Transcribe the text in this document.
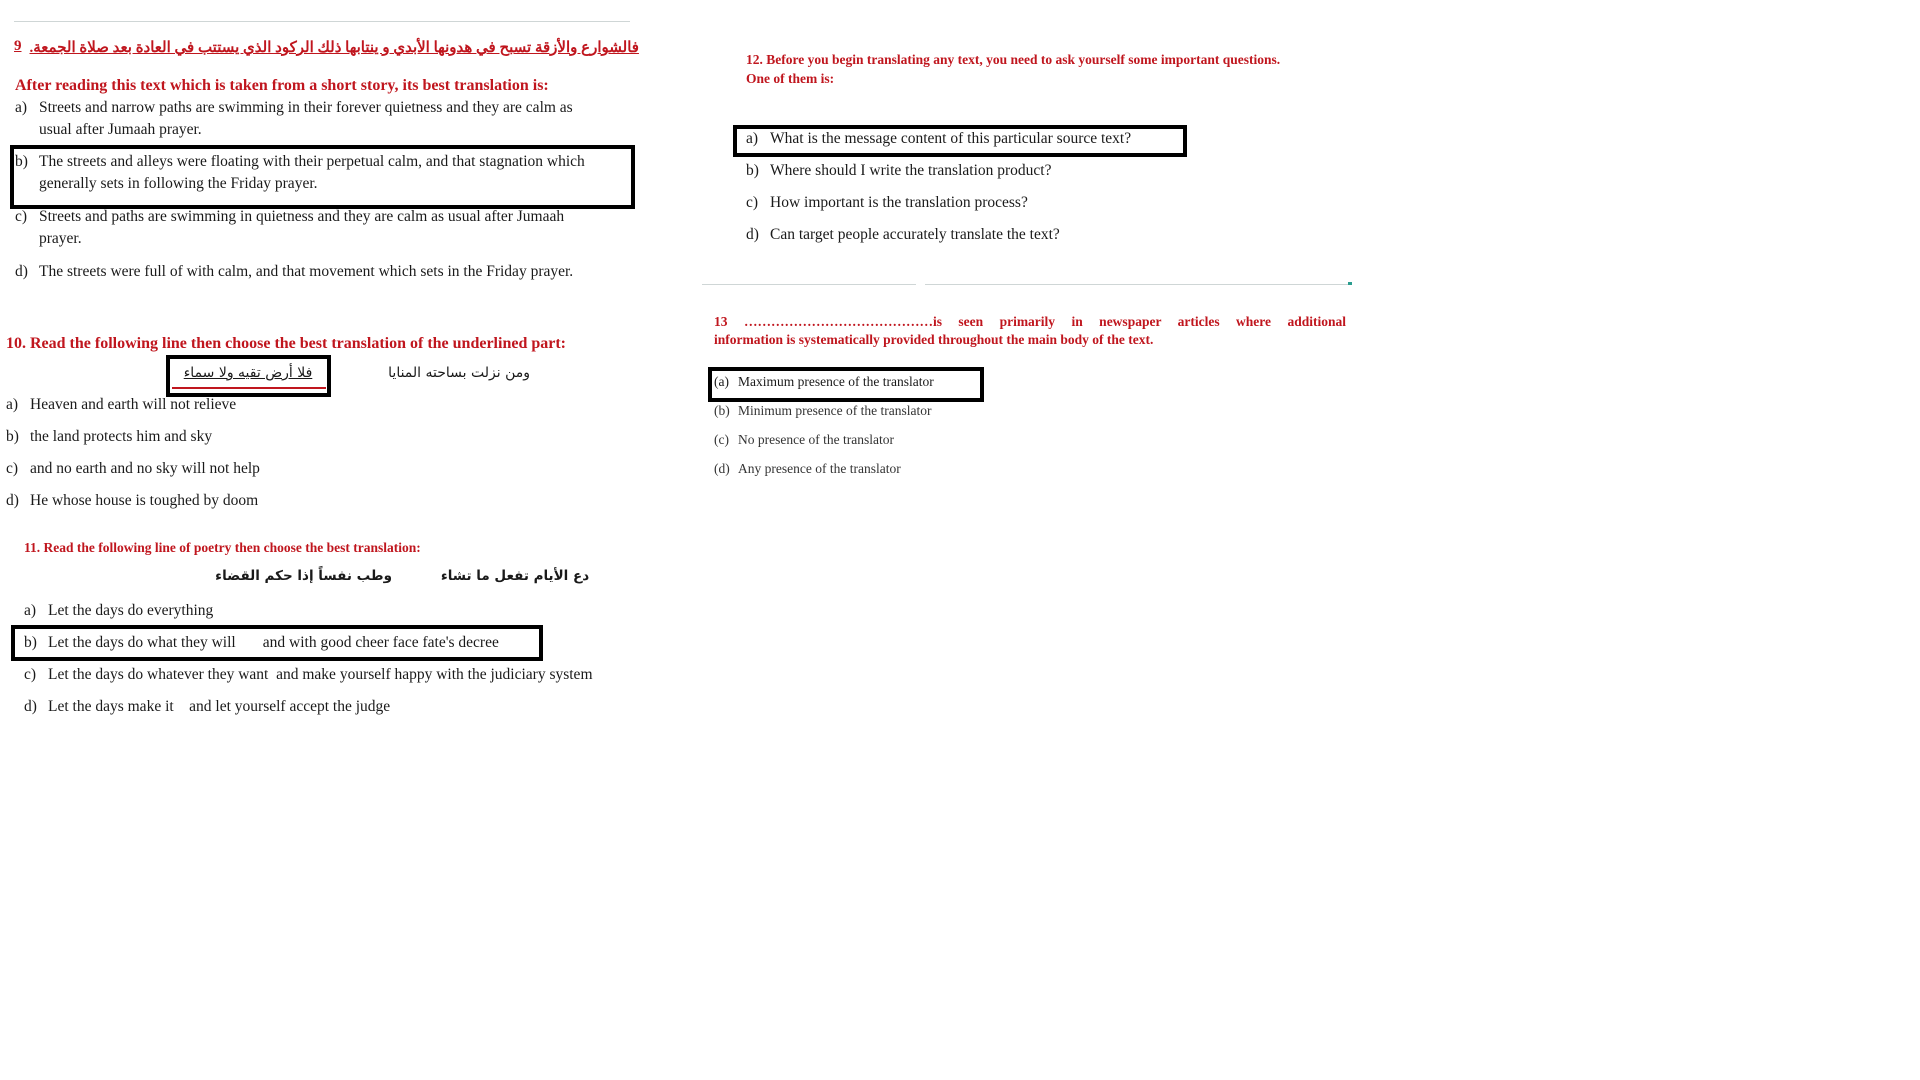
فالشوارع والأزقة تسبح في هدونها الأبدي و ينتابها ذلك الركود الذي يستتب في العادة بعد صلاة الجمعة.
9
After reading this text which is taken from a short story, its best translation is:
a) Streets and narrow paths are swimming in their forever quietness and they are calm as
usual after Jumaah prayer.
b) The streets and alleys were floating with their perpetual calm, and that stagnation which
generally sets in following the Friday prayer.
c) Streets and paths are swimming in quietness and they are calm as usual after Jumaah
prayer.
d) The streets were full of with calm, and that movement which sets in the Friday prayer.
10. Read the following line then choose the best translation of the underlined part:
فلا أرض تقيه ولا سماء	ومن نزلت بساحته المنايا
a) Heaven and earth will not relieve
b) the land protects him and sky
c) and no earth and no sky will not help
d) He whose house is toughed by doom
11. Read the following line of poetry then choose the best translation:
دع الأيام تفعل ما تشاء
وطب نفساً إذا حكم القضاء
a) Let the days do everything
b) Let the days do what they will       and with good cheer face fate's decree
c) Let the days do whatever they want  and make yourself happy with the judiciary system
d) Let the days make it    and let yourself accept the judge
12. Before you begin translating any text, you need to ask yourself some important questions.
One of them is:
a) What is the message content of this particular source text?
b) Where should I write the translation product?
c) How important is the translation process?
d) Can target people accurately translate the text?
13 ……………………………………is seen primarily in newspaper articles where additional
information is systematically provided throughout the main body of the text.
(a) Maximum presence of the translator
(b) Minimum presence of the translator
(c) No presence of the translator
(d) Any presence of the translator
